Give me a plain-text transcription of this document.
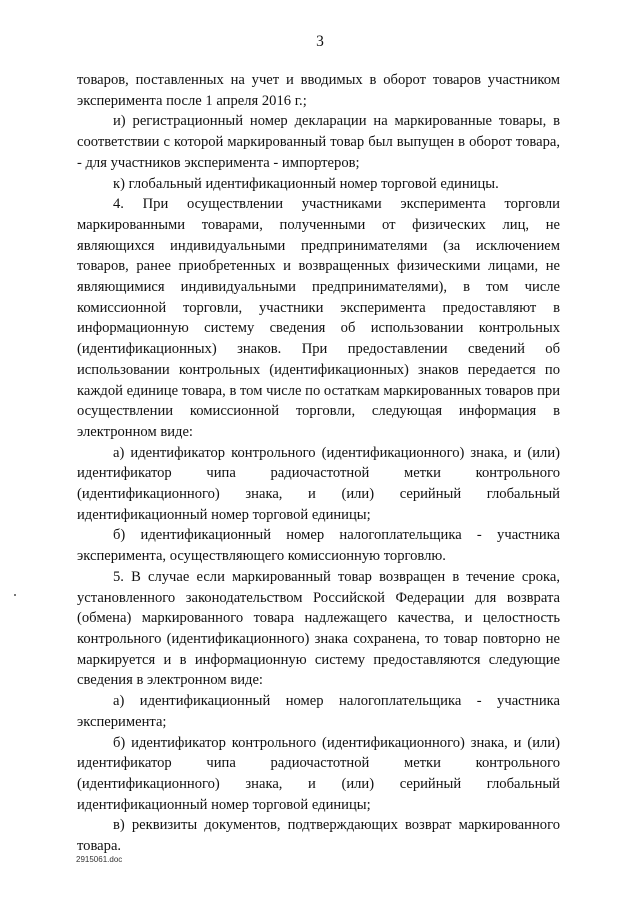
3

товаров, поставленных на учет и вводимых в оборот товаров участником эксперимента после 1 апреля 2016 г.;

и) регистрационный номер декларации на маркированные товары, в соответствии с которой маркированный товар был выпущен в оборот товара, - для участников эксперимента - импортеров;

к) глобальный идентификационный номер торговой единицы.

4. При осуществлении участниками эксперимента торговли маркированными товарами, полученными от физических лиц, не являющихся индивидуальными предпринимателями (за исключением товаров, ранее приобретенных и возвращенных физическими лицами, не являющимися индивидуальными предпринимателями), в том числе комиссионной торговли, участники эксперимента предоставляют в информационную систему сведения об использовании контрольных (идентификационных) знаков. При предоставлении сведений об использовании контрольных (идентификационных) знаков передается по каждой единице товара, в том числе по остаткам маркированных товаров при осуществлении комиссионной торговли, следующая информация в электронном виде:

а) идентификатор контрольного (идентификационного) знака, и (или) идентификатор чипа радиочастотной метки контрольного (идентификационного) знака, и (или) серийный глобальный идентификационный номер торговой единицы;

б) идентификационный номер налогоплательщика - участника эксперимента, осуществляющего комиссионную торговлю.

5. В случае если маркированный товар возвращен в течение срока, установленного законодательством Российской Федерации для возврата (обмена) маркированного товара надлежащего качества, и целостность контрольного (идентификационного) знака сохранена, то товар повторно не маркируется и в информационную систему предоставляются следующие сведения в электронном виде:

а) идентификационный номер налогоплательщика - участника эксперимента;

б) идентификатор контрольного (идентификационного) знака, и (или) идентификатор чипа радиочастотной метки контрольного (идентификационного) знака, и (или) серийный глобальный идентификационный номер торговой единицы;

в) реквизиты документов, подтверждающих возврат маркированного товара.

2915061.doc
